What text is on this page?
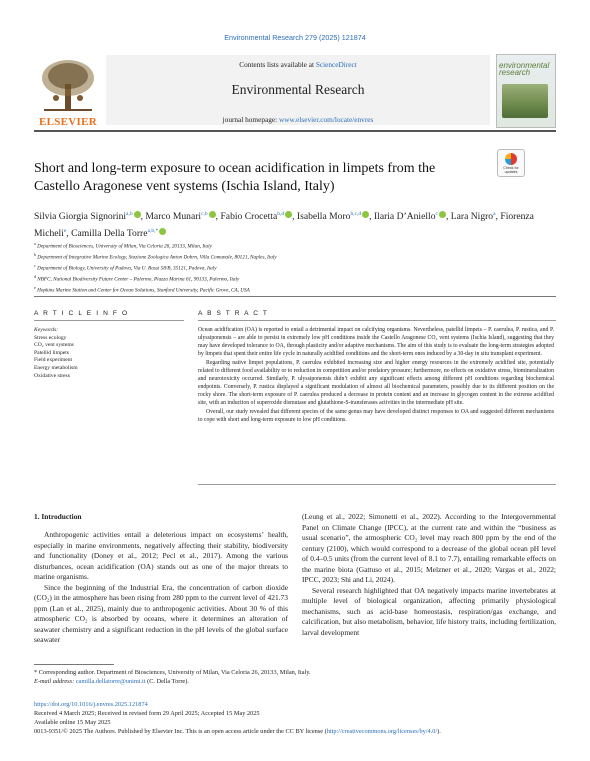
Environmental Research 279 (2025) 121874
ELSEVIER
Contents lists available at ScienceDirect
Environmental Research
journal homepage: www.elsevier.com/locate/envres
environmental research
Check for updates
Short and long-term exposure to ocean acidification in limpets from the Castello Aragonese vent systems (Ischia Island, Italy)
Silvia Giorgia Signorini$^{a,b}$ , Marco Munari$^{c,b}$ , Fabio Crocetta$^{b,d}$ , Isabella Moro$^{b,c,d}$ , Ilaria D’Aniello$^c$ , Lara Nigro$^a$, Fiorenza Micheli$^e$, Camilla Della Torre$^{a,b,*}$
$^a$ Department of Biosciences, University of Milan, Via Celoria 26, 20133, Milan, Italy
$^b$ Department of Integrative Marine Ecology, Stazione Zoologica Anton Dohrn, Villa Comunale, 80121, Naples, Italy
$^c$ Department of Biology, University of Padova, Via U. Bassi 58/B, 35121, Padova, Italy
$^d$ NBFC, National Biodiversity Future Center – Palermo, Piazza Marina 61, 90133, Palermo, Italy
$^e$ Hopkins Marine Station and Center for Ocean Solutions, Stanford University, Pacific Grove, CA, USA
A R T I C L E I N F O	A B S T R A C T
Keywords:
Stress ecology
CO₂ vent systems
Patellid limpets
Field experiment
Energy metabolism
Oxidative stress

Ocean acidification (OA) is reported to entail a detrimental impact on calcifying organisms. Nevertheless, patellid limpets – P. caerulea, P. rustica, and P. ulyssiponensis – are able to persist in extremely low pH conditions inside the Castello Aragonese CO₂ vent systems (Ischia Island), suggesting that they may have developed tolerance to OA, through plasticity and/or adaptive mechanisms. The aim of this study is to evaluate the long-term strategies adopted by limpets that spent their entire life cycle in naturally acidified conditions and the short-term ones induced by a 30-day in situ transplant experiment.

Regarding native limpet populations, P. caerulea exhibited increasing size and higher energy resources in the extremely acidified site, potentially related to different food availability or to reduction in competition and/or predatory pressure; furthermore, no effects on oxidative stress, biomineralization and neurotoxicity occurred. Similarly, P. ulyssiponensis didn’t exhibit any significant effects among different pH conditions regarding biochemical endpoints. Conversely, P. rustica displayed a significant modulation of almost all biochemical parameters, possibly due to its different position on the rocky shore. The short-term exposure of P. caerulea produced a decrease in protein content and an increase in glycogen content in the extreme acidified site, with an induction of superoxide dismutase and glutathione-S-transferases activities in the intermediate pH site.

Overall, our study revealed that different species of the same genus may have developed distinct responses to OA and suggested different mechanisms to cope with short and long-term exposure to low pH conditions.

1. Introduction

Anthropogenic activities entail a deleterious impact on ecosystems’ health, especially in marine environments, negatively affecting their stability, biodiversity and functionality (Doney et al., 2012; Pecl et al., 2017). Among the various disturbances, ocean acidification (OA) stands out as one of the major threats to marine organisms.

Since the beginning of the Industrial Era, the concentration of carbon dioxide (CO₂) in the atmosphere has been rising from 280 ppm to the current level of 421.73 ppm (Lan et al., 2025), mainly due to anthropogenic activities. About 30 % of this atmospheric CO₂ is absorbed by oceans, where it determines an alteration of seawater chemistry and a significant reduction in the pH levels of the global surface seawater

(Leung et al., 2022; Simonetti et al., 2022). According to the Intergovernmental Panel on Climate Change (IPCC), at the current rate and within the “business as usual scenario”, the atmospheric CO₂ level may reach 800 ppm by the end of the century (2100), which would correspond to a decrease of the global ocean pH level of 0.4–0.5 units (from the current level of 8.1 to 7.7), entailing remarkable effects on the marine biota (Gattuso et al., 2015; Melzner et al., 2020; Vargas et al., 2022; IPCC, 2023; Shi and Li, 2024).

Several research highlighted that OA negatively impacts marine invertebrates at multiple level of biological organization, affecting primarily physiological mechanisms, such as acid-base homeostasis, respiration/gas exchange, and calcification, but also metabolism, behavior, life history traits, including fertilization, larval development

* Corresponding author. Department of Biosciences, University of Milan, Via Celoria 26, 20133, Milan, Italy.
E-mail address: camilla.dellatorre@unimi.it (C. Della Torre).
https://doi.org/10.1016/j.envres.2025.121874
Received 4 March 2025; Received in revised form 29 April 2025; Accepted 15 May 2025
Available online 15 May 2025
0013-9351/© 2025 The Authors. Published by Elsevier Inc. This is an open access article under the CC BY license (http://creativecommons.org/licenses/by/4.0/).
